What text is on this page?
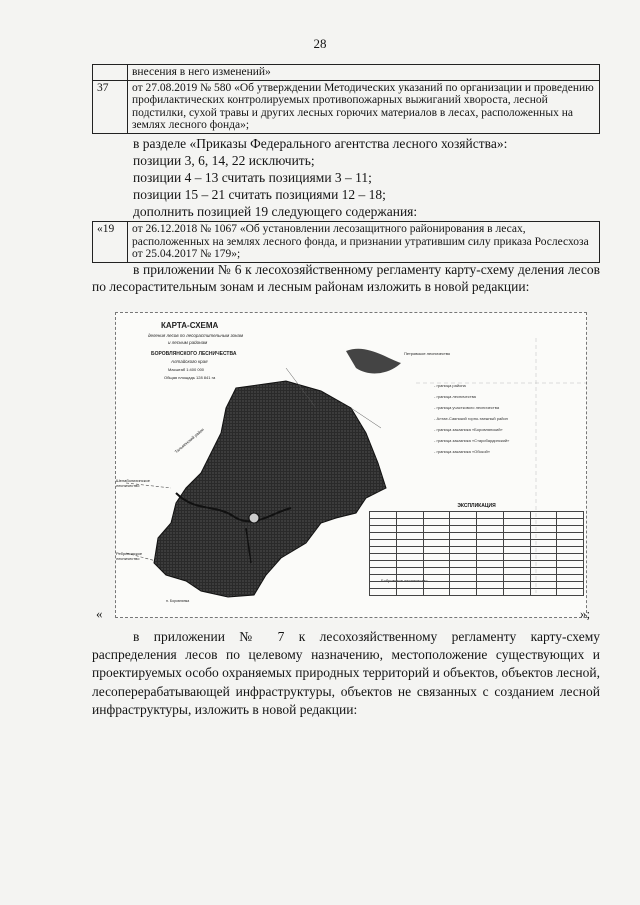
28
	внесения в него изменений»
37	от 27.08.2019 № 580 «Об утверждении Методических указаний по организации и проведению профилактических контролируемых противопожарных выжиганий хвороста, лесной подстилки, сухой травы и других лесных горючих материалов в лесах, расположенных на землях лесного фонда»;
в разделе «Приказы Федерального агентства лесного хозяйства»:
позиции 3, 6, 14, 22 исключить;
позиции 4 – 13 считать позициями 3 – 11;
позиции 15 – 21 считать позициями 12 – 18;
дополнить позицией 19 следующего содержания:
«19	от 26.12.2018 № 1067 «Об установлении лесозащитного районирования в лесах, расположенных на землях лесного фонда, и признании утратившим силу приказа Рослесхоза от 25.04.2017 № 179»;
в приложении № 6 к лесохозяйственному регламенту карту-схему деления лесов по лесорастительным зонам и лесным районам изложить в новой редакции:
КАРТА-СХЕМА
деления лесов по лесорастительным зонам
и лесным районам
БОРОВЛЯНСКОГО ЛЕСНИЧЕСТВА
Алтайского края
Масштаб 1:400 000
Общая площадь 128 841 га
Петровское лесничество
Шелаболихинское лесничество
Ребрихинское лесничество
Бобровское лесничество
Тальменский район
п. Боровлянка
- граница района
- граница лесничества
- граница участкового лесничества
- Алтае-Саянский горно-таежный район
- граница заказника «Боровлянский»
- граница заказника «Старобардинский»
- граница заказника «Обской»
ЭКСПЛИКАЦИЯ

«	»;
в приложении № 7 к лесохозяйственному регламенту карту-схему распределения лесов по целевому назначению, местоположение существующих и проектируемых особо охраняемых природных территорий и объектов, объектов лесной, лесоперерабатывающей инфраструктуры, объектов не связанных с созданием лесной инфраструктуры, изложить в новой редакции:
